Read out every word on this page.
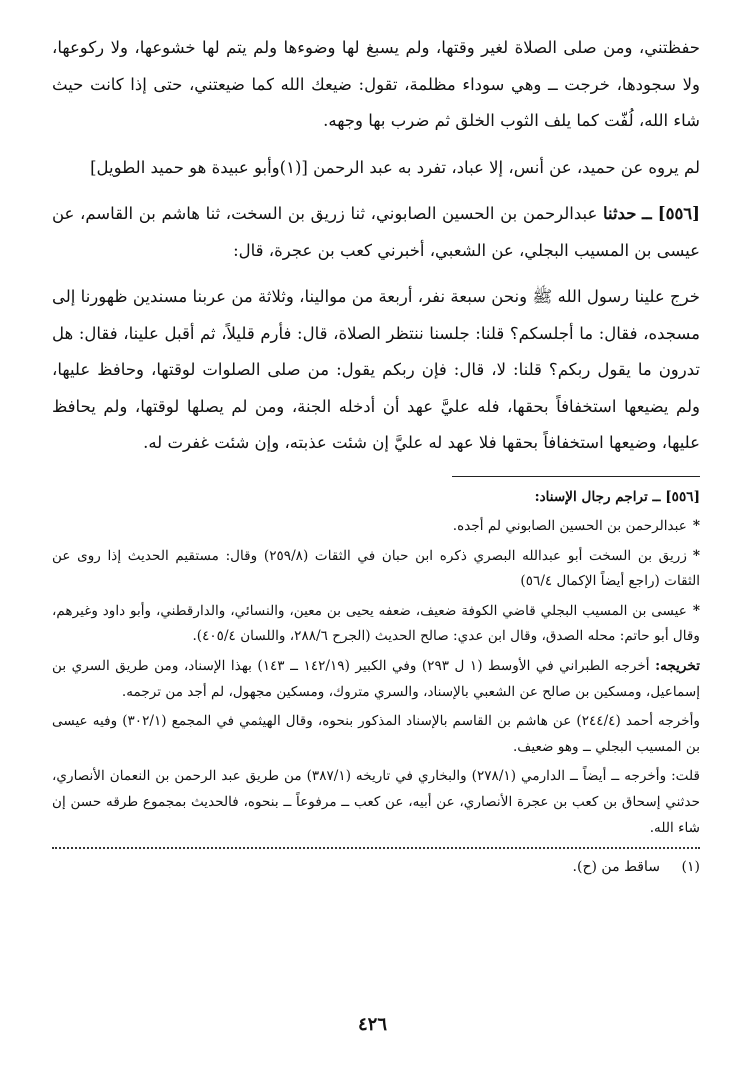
حفظتني، ومن صلى الصلاة لغير وقتها، ولم يسبغ لها وضوءها ولم يتم لها خشوعها، ولا ركوعها، ولا سجودها، خرجت ــ وهي سوداء مظلمة، تقول: ضيعك الله كما ضيعتني، حتى إذا كانت حيث شاء الله، لُفّت كما يلف الثوب الخلق ثم ضرب بها وجهه.

لم يروه عن حميد، عن أنس، إلا عباد، تفرد به عبد الرحمن [(١)وأبو عبيدة هو حميد الطويل]

[٥٥٦] ــ حدثنا عبدالرحمن بن الحسين الصابوني، ثنا زريق بن السخت، ثنا هاشم بن القاسم، عن عيسى بن المسيب البجلي، عن الشعبي، أخبرني كعب بن عجرة، قال:

خرج علينا رسول الله ﷺ ونحن سبعة نفر، أربعة من موالينا، وثلاثة من عربنا مسندين ظهورنا إلى مسجده، فقال: ما أجلسكم؟ قلنا: جلسنا ننتظر الصلاة، قال: فأرم قليلاً، ثم أقبل علينا، فقال: هل تدرون ما يقول ربكم؟ قلنا: لا، قال: فإن ربكم يقول: من صلى الصلوات لوقتها، وحافظ عليها، ولم يضيعها استخفافاً بحقها، فله عليَّ عهد أن أدخله الجنة، ومن لم يصلها لوقتها، ولم يحافظ عليها، وضيعها استخفافاً بحقها فلا عهد له عليَّ إن شئت عذبته، وإن شئت غفرت له.

[٥٥٦] ــ تراجم رجال الإسناد:

*عبدالرحمن بن الحسين الصابوني لم أجده.

*زريق بن السخت أبو عبدالله البصري ذكره ابن حبان في الثقات (٢٥٩/٨) وقال: مستقيم الحديث إذا روى عن الثقات (راجع أيضاً الإكمال ٥٦/٤)

*عيسى بن المسيب البجلي قاضي الكوفة ضعيف، ضعفه يحيى بن معين، والنسائي، والدارقطني، وأبو داود وغيرهم، وقال أبو حاتم: محله الصدق، وقال ابن عدي: صالح الحديث (الجرح ٢٨٨/٦، واللسان ٤٠٥/٤).

تخريجه: أخرجه الطبراني في الأوسط (١ ل ٢٩٣) وفي الكبير (١٤٢/١٩ ــ ١٤٣) بهذا الإسناد، ومن طريق السري بن إسماعيل، ومسكين بن صالح عن الشعبي بالإسناد، والسري متروك، ومسكين مجهول، لم أجد من ترجمه.

وأخرجه أحمد (٢٤٤/٤) عن هاشم بن القاسم بالإسناد المذكور بنحوه، وقال الهيثمي في المجمع (٣٠٢/١) وفيه عيسى بن المسيب البجلي ــ وهو ضعيف.

قلت: وأخرجه ــ أيضاً ــ الدارمي (٢٧٨/١) والبخاري في تاريخه (٣٨٧/١) من طريق عبد الرحمن بن النعمان الأنصاري، حدثني إسحاق بن كعب بن عجرة الأنصاري، عن أبيه، عن كعب ــ مرفوعاً ــ بنحوه، فالحديث بمجموع طرقه حسن إن شاء الله.

(١)
ساقط من (ح).
٤٢٦
